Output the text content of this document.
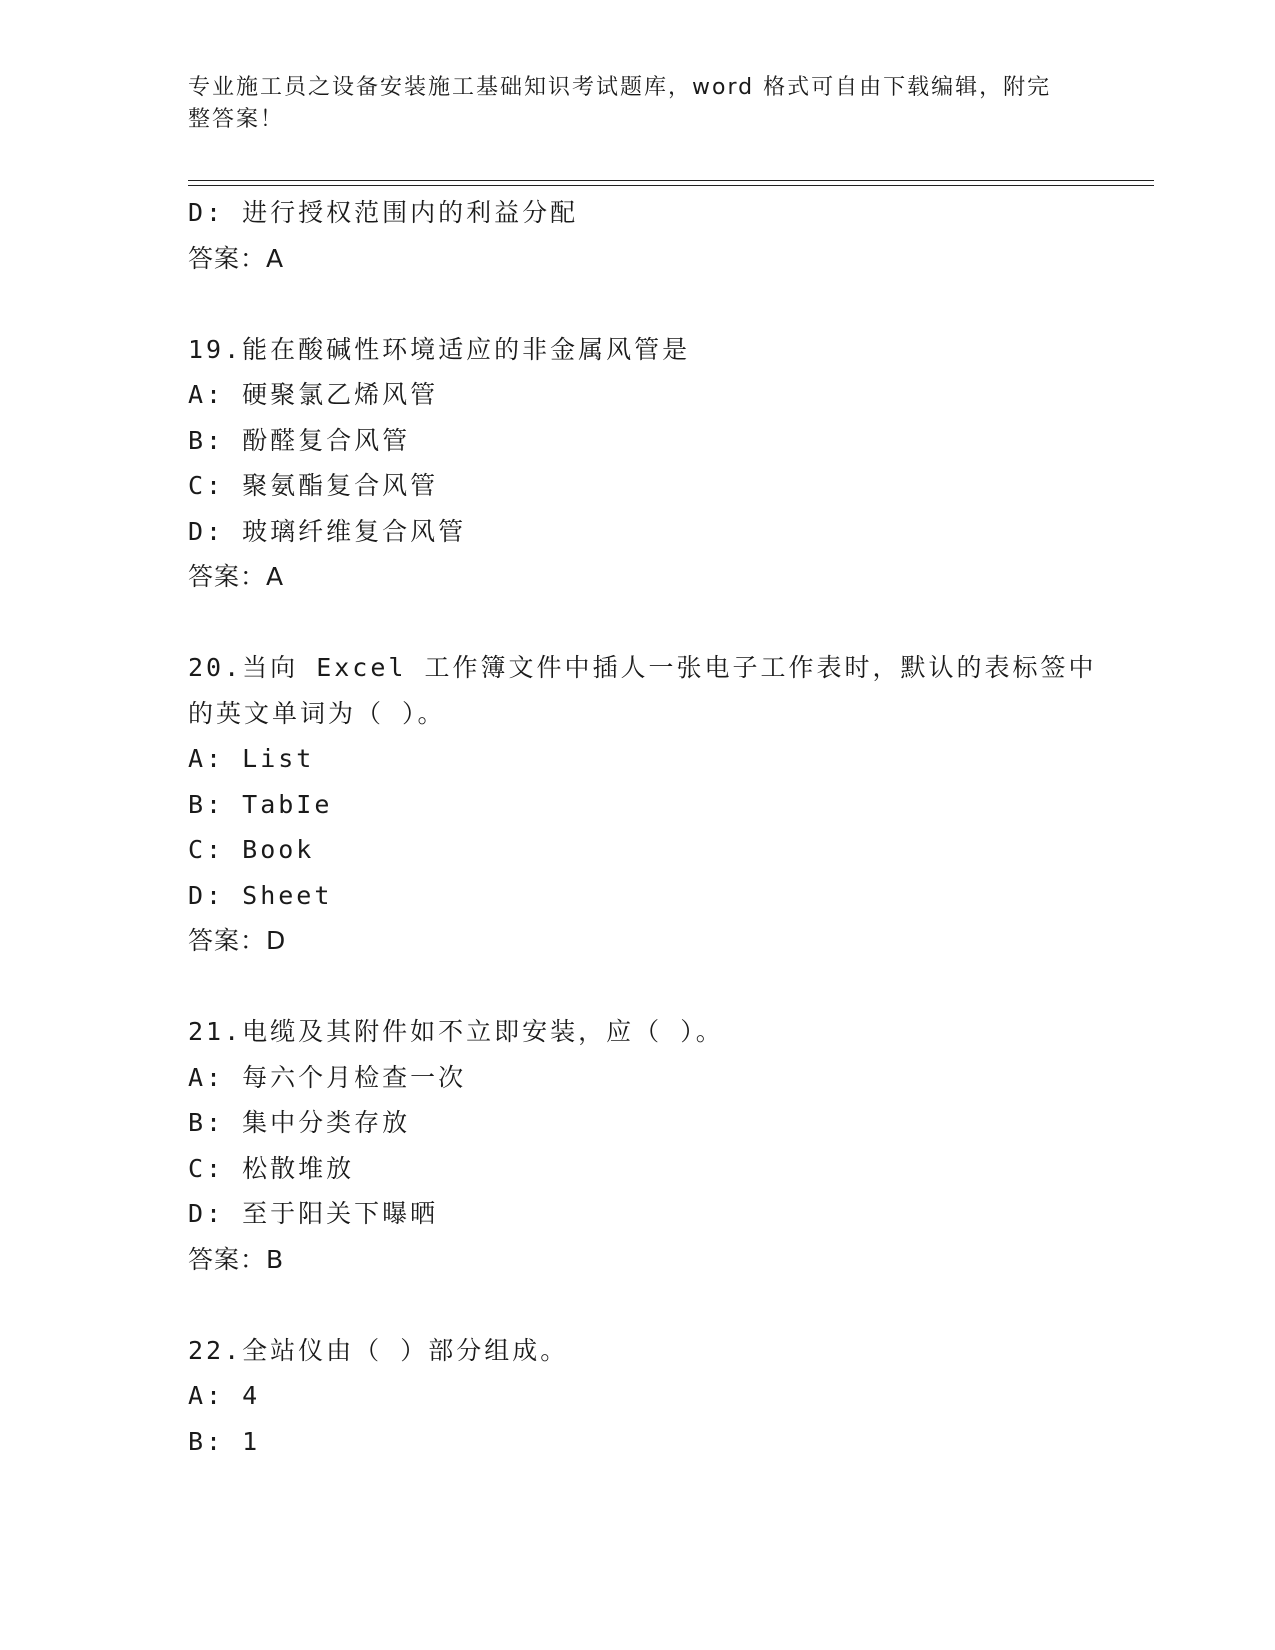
专业施工员之设备安装施工基础知识考试题库，word 格式可自由下载编辑，附完
整答案！
D: 进行授权范围内的利益分配
答案：A
19.能在酸碱性环境适应的非金属风管是
A: 硬聚氯乙烯风管
B: 酚醛复合风管
C: 聚氨酯复合风管
D: 玻璃纤维复合风管
答案：A
20.当向 Excel 工作簿文件中插人一张电子工作表时，默认的表标签中
的英文单词为（ ）。
A: List
B: TabIe
C: Book
D: Sheet
答案：D
21.电缆及其附件如不立即安装，应（ ）。
A: 每六个月检查一次
B: 集中分类存放
C: 松散堆放
D: 至于阳关下曝晒
答案：B
22.全站仪由（ ）部分组成。
A: 4
B: 1
